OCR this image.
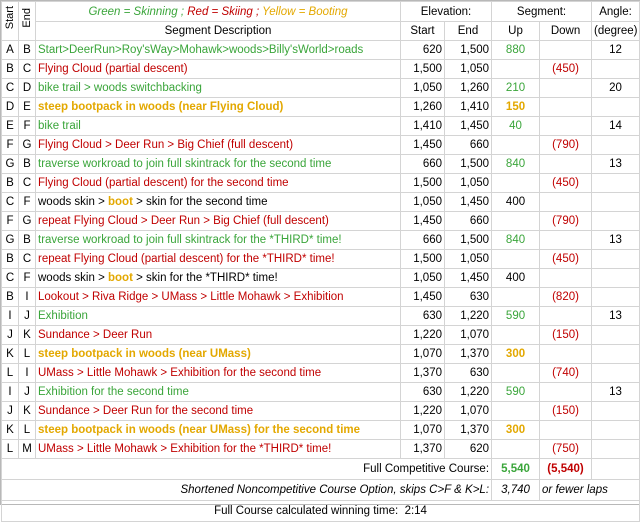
Start	End	Green = Skinning ; Red = Skiing ; Yellow = Booting	Elevation:		Segment:		Angle:
		Segment Description	Start	End	Up	Down	(degree)
A	B	Start>DeerRun>Roy'sWay>Mohawk>woods>Billy'sWorld>roads	620	1,500	880		12
B	C	Flying Cloud (partial descent)	1,500	1,050		(450)	
C	D	bike trail > woods switchbacking	1,050	1,260	210		20
D	E	steep bootpack in woods (near Flying Cloud)	1,260	1,410	150		
E	F	bike trail	1,410	1,450	40		14
F	G	Flying Cloud > Deer Run > Big Chief (full descent)	1,450	660		(790)	
G	B	traverse workroad to join full skintrack for the second time	660	1,500	840		13
B	C	Flying Cloud (partial descent) for the second time	1,500	1,050		(450)	
C	F	woods skin > boot > skin for the second time	1,050	1,450	400		
F	G	repeat Flying Cloud > Deer Run > Big Chief (full descent)	1,450	660		(790)	
G	B	traverse workroad to join full skintrack for the *THIRD* time!	660	1,500	840		13
B	C	repeat Flying Cloud (partial descent) for the *THIRD* time!	1,500	1,050		(450)	
C	F	woods skin > boot > skin for the *THIRD* time!	1,050	1,450	400		
B	I	Lookout > Riva Ridge > UMass > Little Mohawk > Exhibition	1,450	630		(820)	
I	J	Exhibition	630	1,220	590		13
J	K	Sundance > Deer Run	1,220	1,070		(150)	
K	L	steep bootpack in woods (near UMass)	1,070	1,370	300		
L	I	UMass > Little Mohawk > Exhibition for the second time	1,370	630		(740)	
I	J	Exhibition for the second time	630	1,220	590		13
J	K	Sundance > Deer Run for the second time	1,220	1,070		(150)	
K	L	steep bootpack in woods (near UMass) for the second time	1,070	1,370	300		
L	M	UMass > Little Mohawk > Exhibition for the *THIRD* time!	1,370	620		(750)	
Full Competitive Course:					5,540	(5,540)	
Shortened Noncompetitive Course Option, skips C>F & K>L:					3,740	or fewer laps	
Full Course calculated winning time: 2:14							
